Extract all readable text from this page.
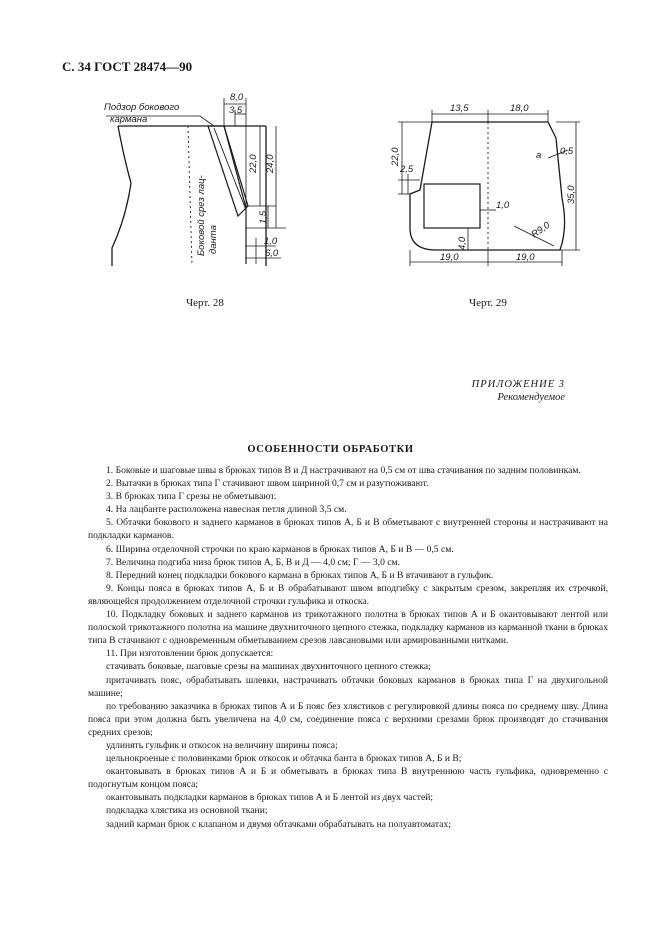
С. 34 ГОСТ 28474—90
8,0
3,5
22,0 24,0
1,5
1,0
6,0
Подзор бокового
кармана
Боковой срез лац- данта
Черт. 28
13,5	18,0
22,0
2,5
а 0,5
35,0
1,0
R9,0
4,0
19,0	19,0
Черт. 29
ПРИЛОЖЕНИЕ 3
Рекомендуемое
ОСОБЕННОСТИ ОБРАБОТКИ

1. Боковые и шаговые швы в брюках типов В и Д настрачивают на 0,5 см от шва стачивания по задним половинкам.

2. Вытачки в брюках типа Г стачивают швом шириной 0,7 см и разутюживают.

3. В брюках типа Г срезы не обметывают.

4. На лацбанте расположена навесная петля длиной 3,5 см.

5. Обтачки бокового и заднего карманов в брюках типов А, Б и В обметывают с внутренней стороны и настрачивают на подкладки карманов.

6. Ширина отделочной строчки по краю карманов в брюках типов А, Б и В — 0,5 см.

7. Величина подгиба низа брюк типов А, Б, В и Д — 4,0 см; Г — 3,0 см.

8. Передний конец подкладки бокового кармана в брюках типов А, Б и В втачивают в гульфик.

9. Концы пояса в брюках типов А, Б и В обрабатывают швом вподгибку с закрытым срезом, закрепляя их строчкой, являющейся продолжением отделочной строчки гульфика и откоска.

10. Подкладку боковых и заднего карманов из трикотажного полотна в брюках типов А и Б окантовывают лентой или полоской трикотажного полотна на машине двухниточного цепного стежка, подкладку карманов из карманной ткани в брюках типа В стачивают с одновременным обметыванием срезов лавсановыми или армированными нитками.

11. При изготовлении брюк допускается:

стачивать боковые, шаговые срезы на машинах двухниточного цепного стежка;

притачивать пояс, обрабатывать шлевки, настрачивать обтачки боковых карманов в брюках типа Г на двухигольной машине;

по требованию заказчика в брюках типов А и Б пояс без хлястиков с регулировкой длины пояса по среднему шву. Длина пояса при этом должна быть увеличена на 4,0 см, соединение пояса с верхними срезами брюк производят до стачивания средних срезов;

удлинять гульфик и откосок на величину ширины пояса;

цельнокроеные с половинками брюк откосок и обтачка банта в брюках типов А, Б и В;

окантовывать в брюках типов А и Б и обметывать в брюках типа В внутреннюю часть гульфика, одновременно с подогнутым концом пояса;

окантовывать подкладки карманов в брюках типов А и Б лентой из двух частей;

подкладка хлястика из основной ткани;

задний карман брюк с клапаном и двумя обтачками обрабатывать на полуавтоматах;
